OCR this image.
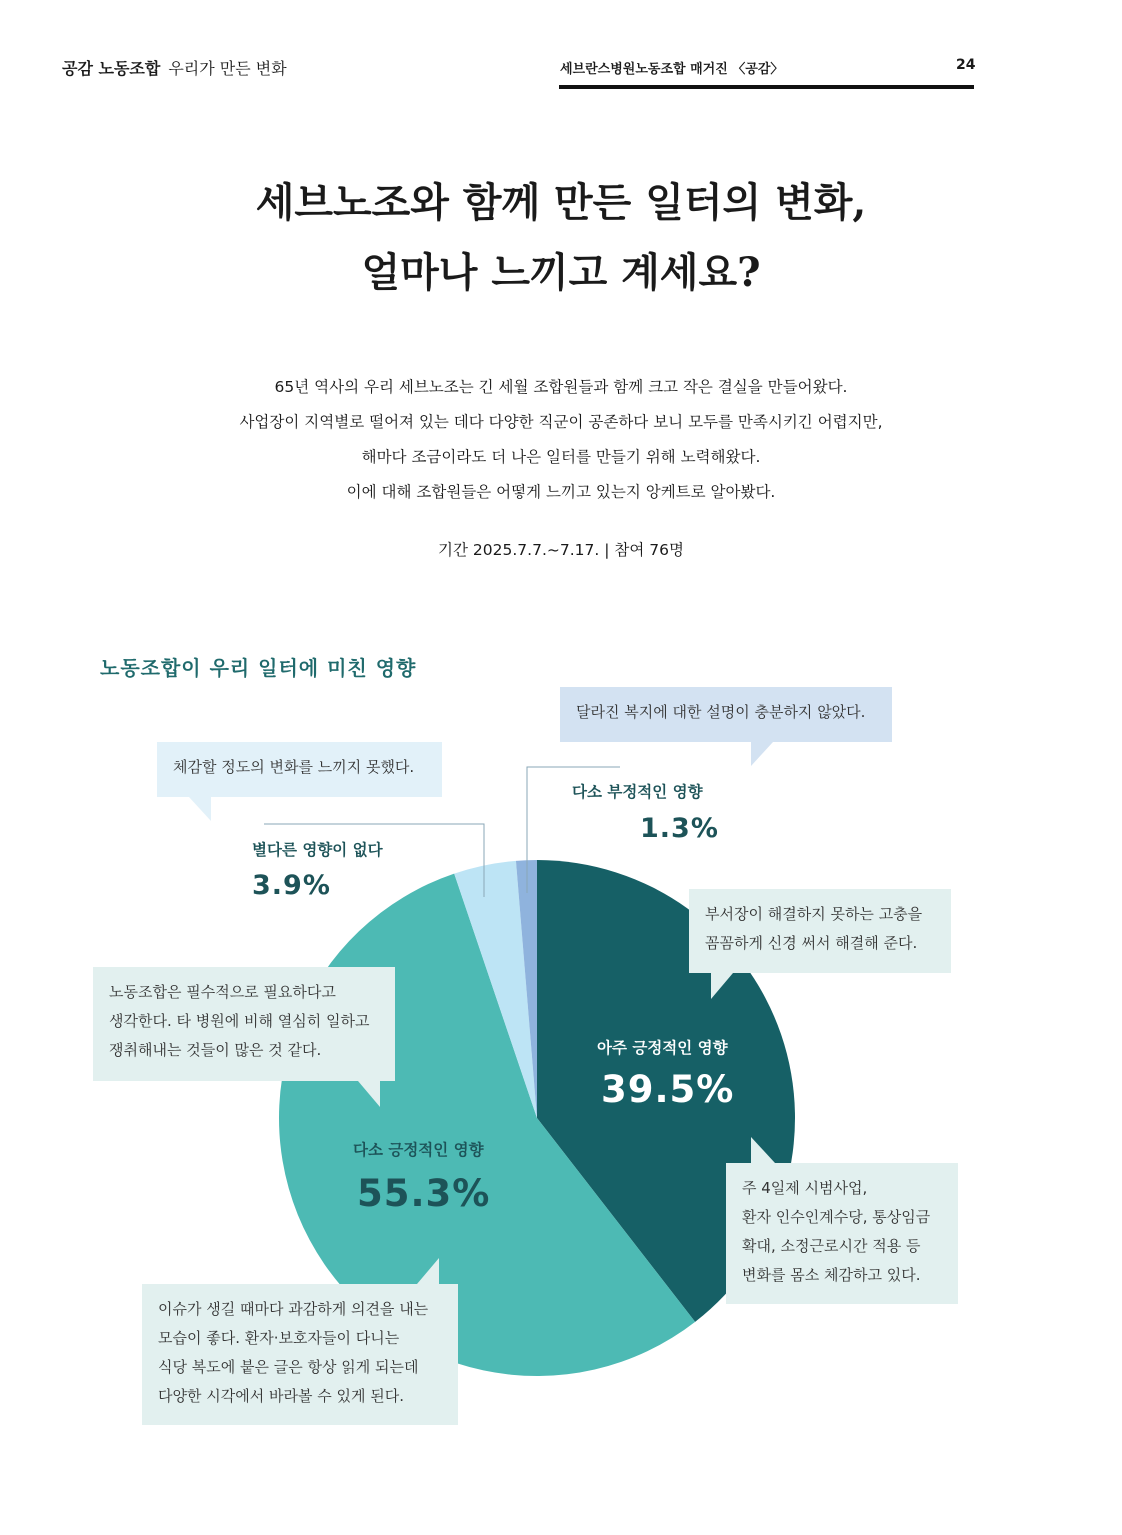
공감 노동조합 우리가 만든 변화	세브란스병원노동조합 매거진 〈공감〉	24
세브노조와 함께 만든 일터의 변화,
얼마나 느끼고 계세요?
65년 역사의 우리 세브노조는 긴 세월 조합원들과 함께 크고 작은 결실을 만들어왔다.
사업장이 지역별로 떨어져 있는 데다 다양한 직군이 공존하다 보니 모두를 만족시키긴 어렵지만,
해마다 조금이라도 더 나은 일터를 만들기 위해 노력해왔다.
이에 대해 조합원들은 어떻게 느끼고 있는지 앙케트로 알아봤다.
기간 2025.7.7.~7.17. | 참여 76명
노동조합이 우리 일터에 미친 영향
아주 긍정적인 영향
39.5%
다소 긍정적인 영향
55.3%
별다른 영향이 없다
3.9%
다소 부정적인 영향
1.3%
달라진 복지에 대한 설명이 충분하지 않았다.
체감할 정도의 변화를 느끼지 못했다.
부서장이 해결하지 못하는 고충을
꼼꼼하게 신경 써서 해결해 준다.
노동조합은 필수적으로 필요하다고
생각한다. 타 병원에 비해 열심히 일하고
쟁취해내는 것들이 많은 것 같다.
주 4일제 시범사업,
환자 인수인계수당, 통상임금
확대, 소정근로시간 적용 등
변화를 몸소 체감하고 있다.
이슈가 생길 때마다 과감하게 의견을 내는
모습이 좋다. 환자·보호자들이 다니는
식당 복도에 붙은 글은 항상 읽게 되는데
다양한 시각에서 바라볼 수 있게 된다.
